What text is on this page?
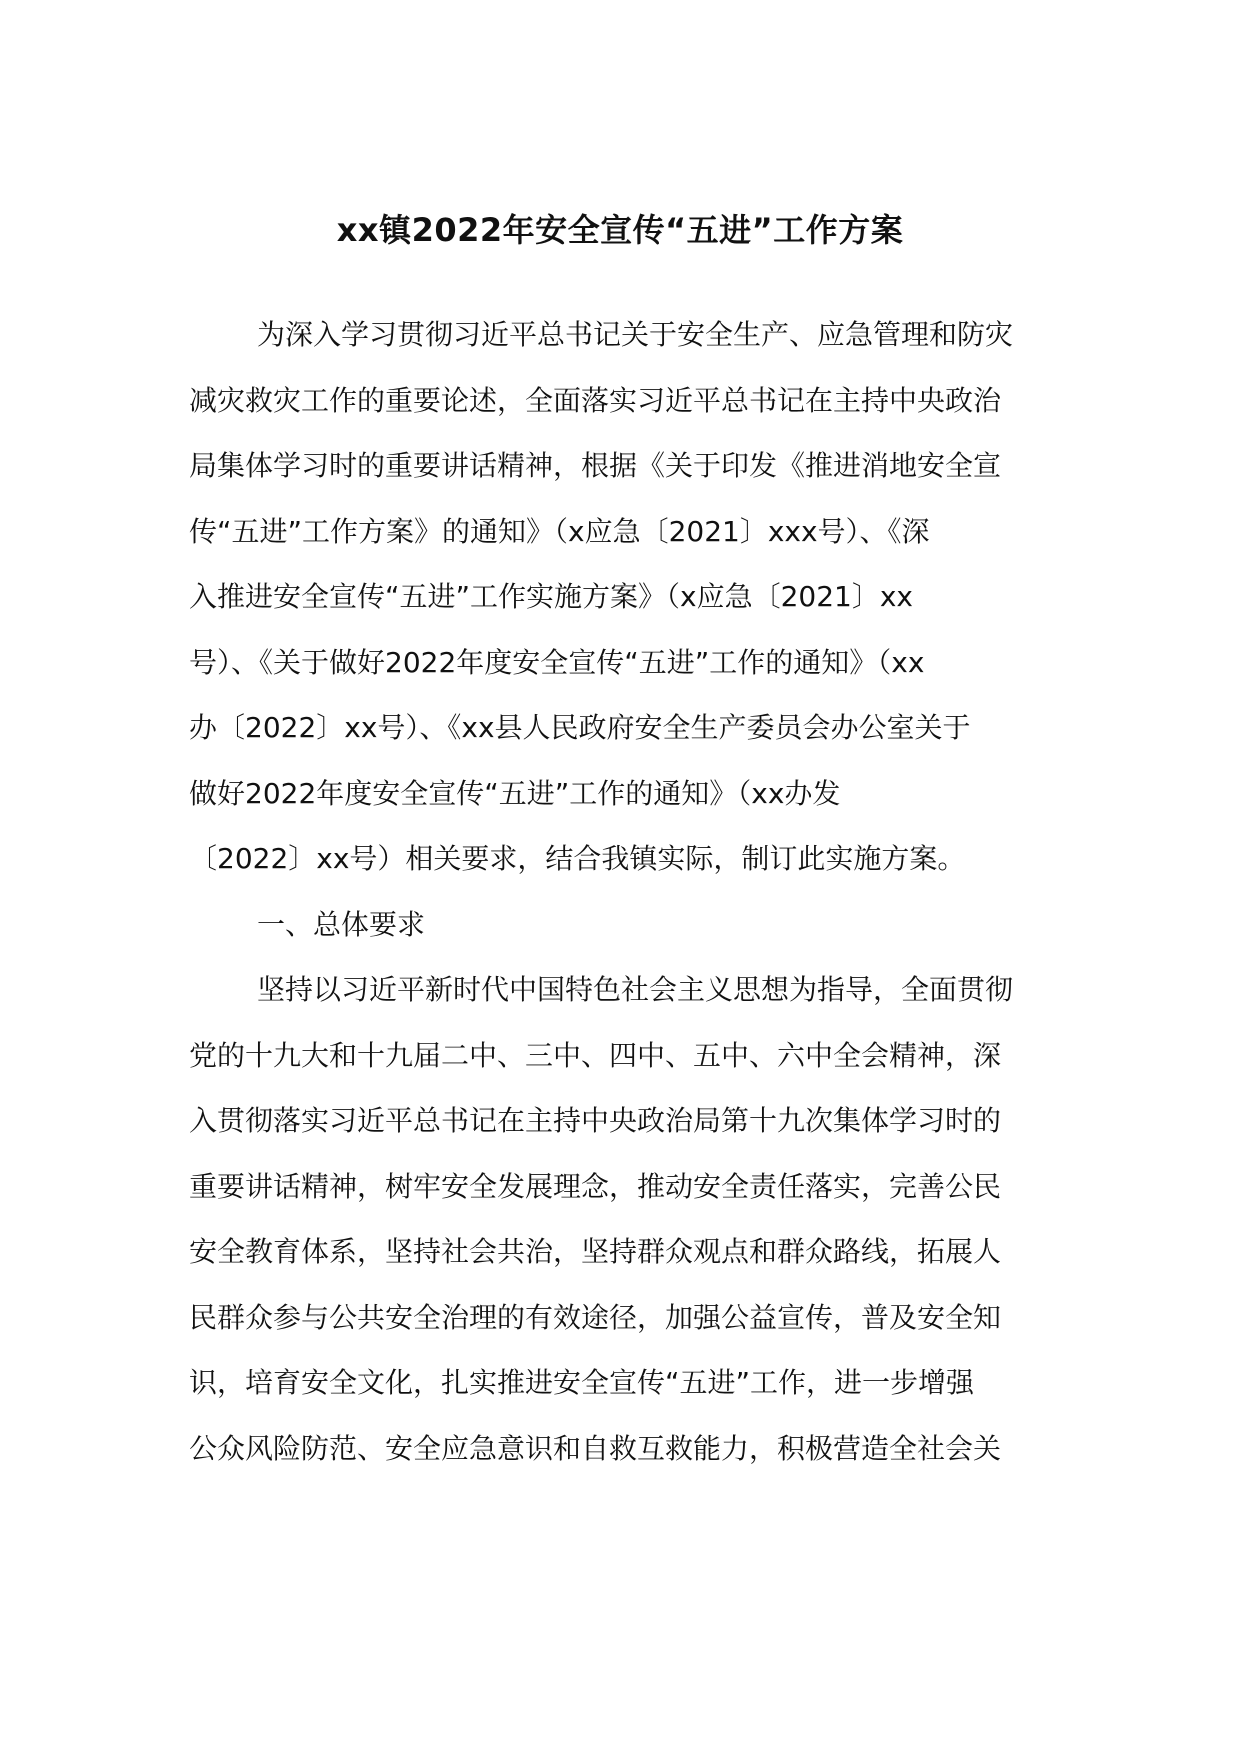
xx镇2022年安全宣传“五进”工作方案

为深入学习贯彻习近平总书记关于安全生产、应急管理和防灾
减灾救灾工作的重要论述，全面落实习近平总书记在主持中央政治
局集体学习时的重要讲话精神，根据《关于印发《推进消地安全宣
传“五进”工作方案》的通知》（x应急〔2021〕xxx号）、《深
入推进安全宣传“五进”工作实施方案》（x应急〔2021〕xx
号）、《关于做好2022年度安全宣传“五进”工作的通知》（xx
办〔2022〕xx号）、《xx县人民政府安全生产委员会办公室关于
做好2022年度安全宣传“五进”工作的通知》（xx办发
〔2022〕xx号）相关要求，结合我镇实际，制订此实施方案。

一、总体要求

坚持以习近平新时代中国特色社会主义思想为指导，全面贯彻
党的十九大和十九届二中、三中、四中、五中、六中全会精神，深
入贯彻落实习近平总书记在主持中央政治局第十九次集体学习时的
重要讲话精神，树牢安全发展理念，推动安全责任落实，完善公民
安全教育体系，坚持社会共治，坚持群众观点和群众路线，拓展人
民群众参与公共安全治理的有效途径，加强公益宣传，普及安全知
识，培育安全文化，扎实推进安全宣传“五进”工作，进一步增强
公众风险防范、安全应急意识和自救互救能力，积极营造全社会关
